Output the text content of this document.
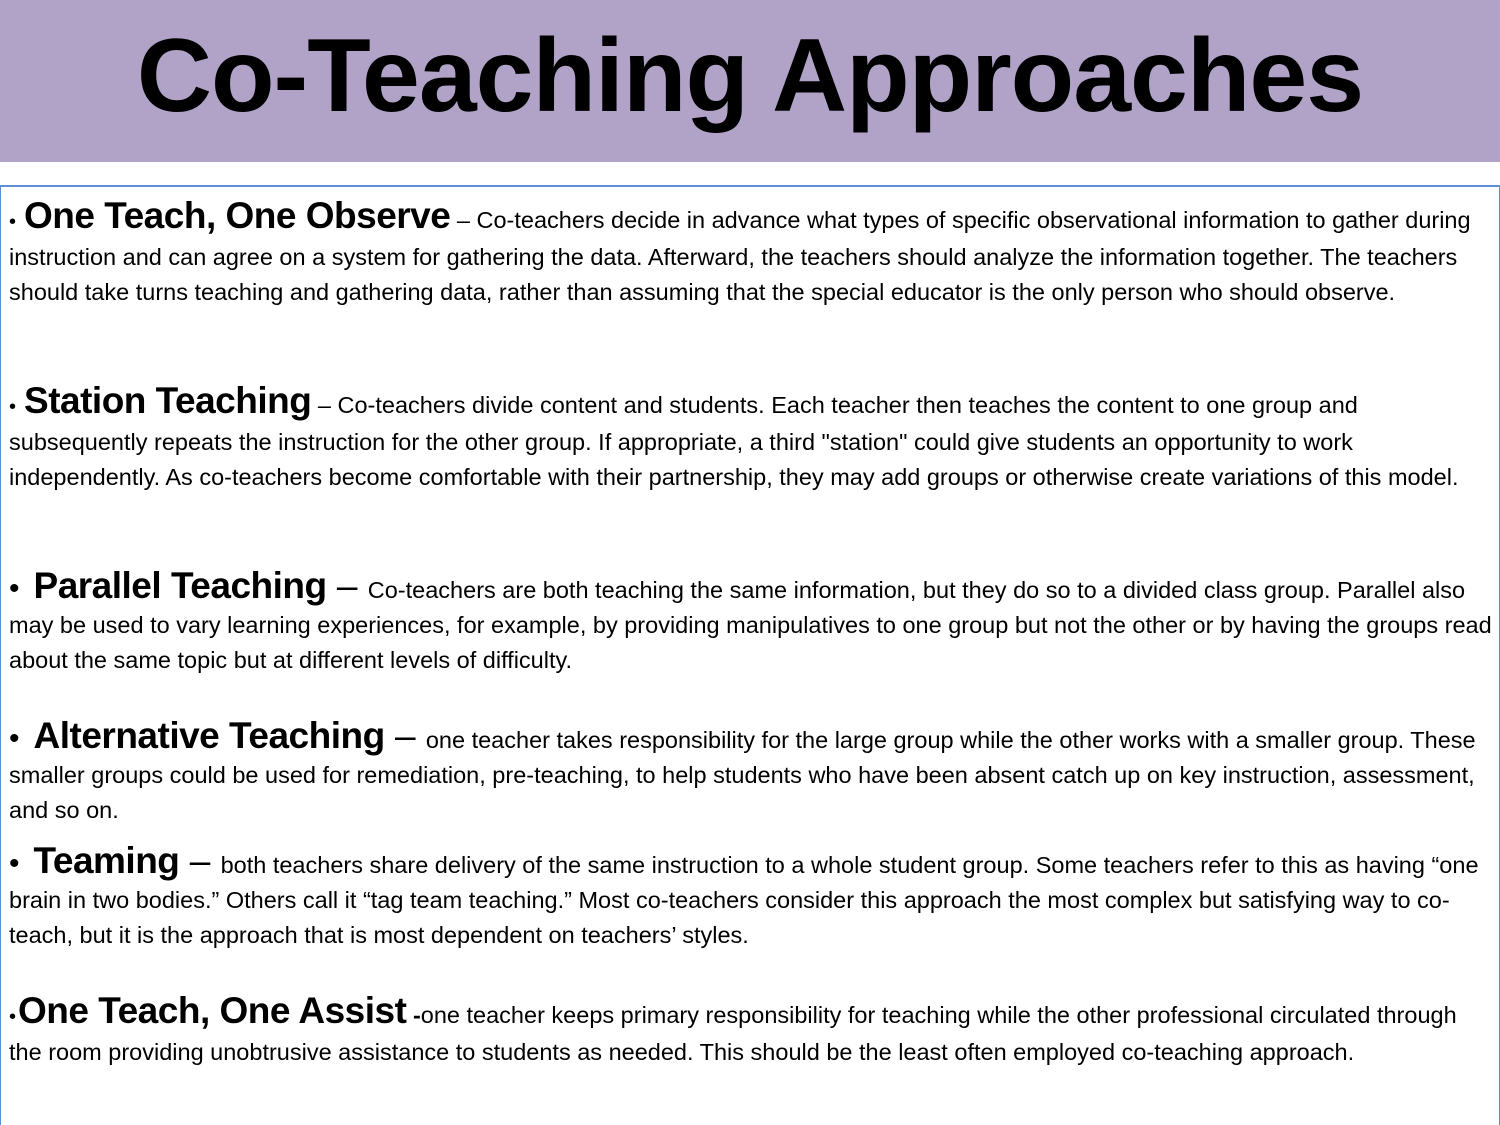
Co-Teaching Approaches
• One Teach, One Observe – Co-teachers decide in advance what types of specific observational information to gather during instruction and can agree on a system for gathering the data. Afterward, the teachers should analyze the information together. The teachers should take turns teaching and gathering data, rather than assuming that the special educator is the only person who should observe.
• Station Teaching – Co-teachers divide content and students. Each teacher then teaches the content to one group and subsequently repeats the instruction for the other group. If appropriate, a third "station" could give students an opportunity to work independently. As co-teachers become comfortable with their partnership, they may add groups or otherwise create variations of this model.
• Parallel Teaching – Co-teachers are both teaching the same information, but they do so to a divided class group. Parallel also may be used to vary learning experiences, for example, by providing manipulatives to one group but not the other or by having the groups read about the same topic but at different levels of difficulty.
• Alternative Teaching – one teacher takes responsibility for the large group while the other works with a smaller group. These smaller groups could be used for remediation, pre-teaching, to help students who have been absent catch up on key instruction, assessment, and so on.
• Teaming – both teachers share delivery of the same instruction to a whole student group. Some teachers refer to this as having “one brain in two bodies.” Others call it “tag team teaching.” Most co-teachers consider this approach the most complex but satisfying way to co-teach, but it is the approach that is most dependent on teachers’ styles.
•One Teach, One Assist -one teacher keeps primary responsibility for teaching while the other professional circulated through the room providing unobtrusive assistance to students as needed. This should be the least often employed co-teaching approach.
